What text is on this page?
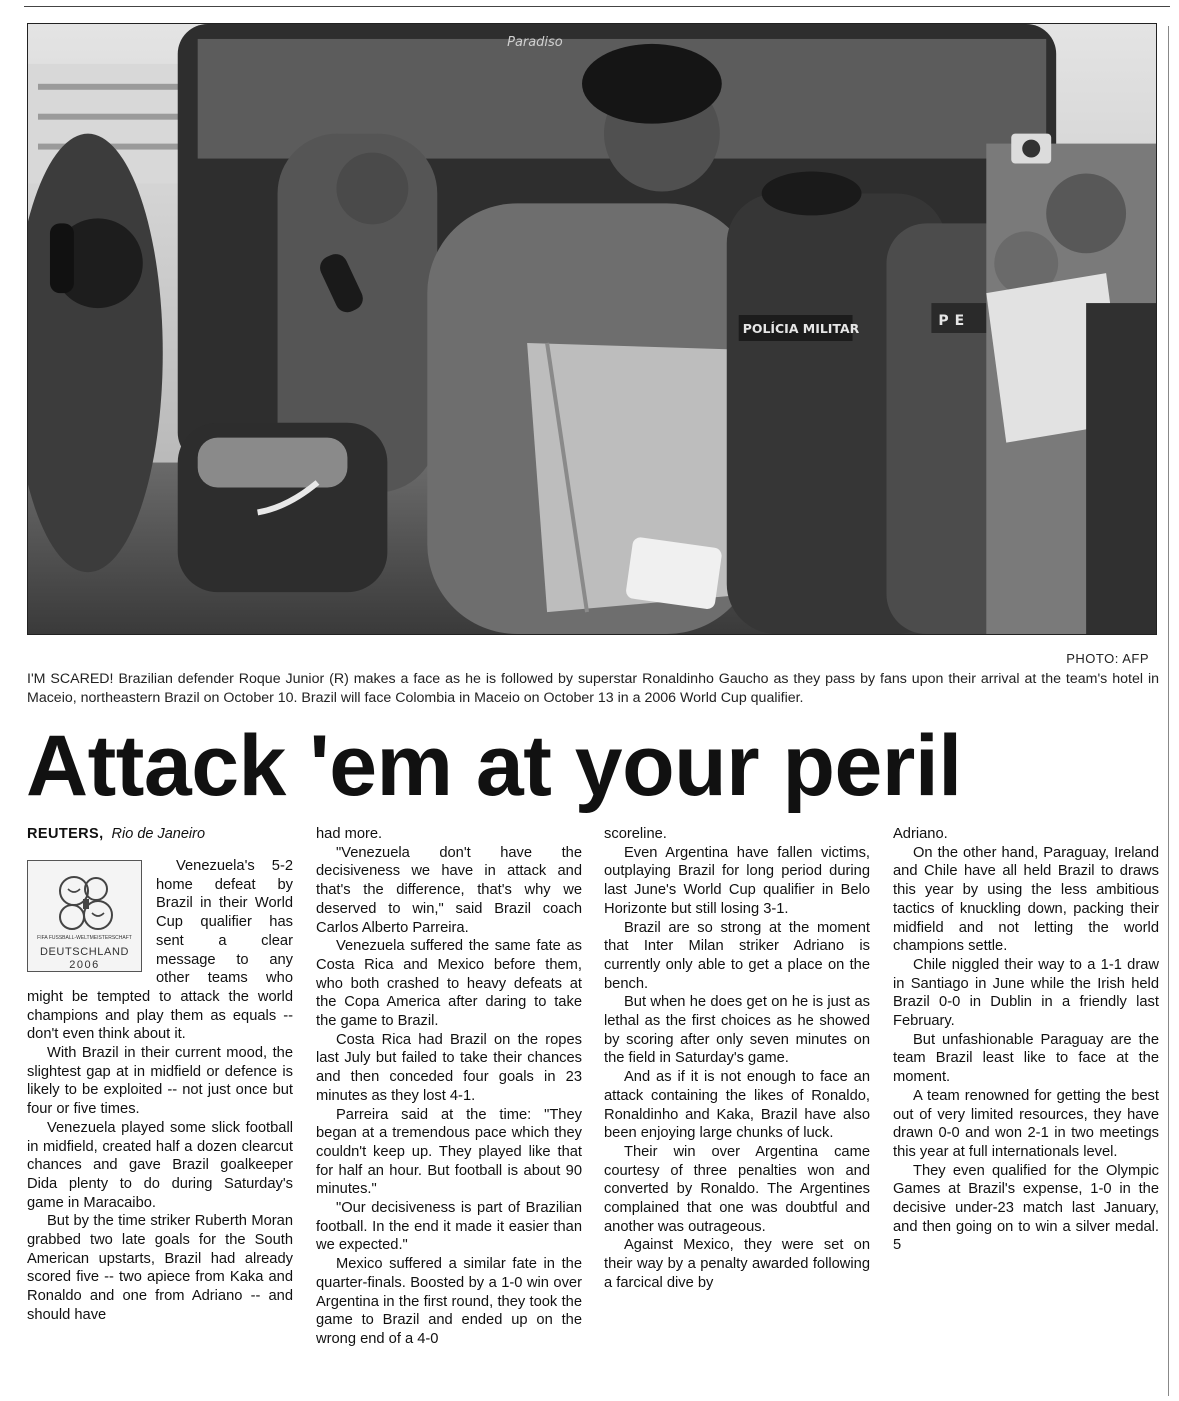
Paradiso
POLÍCIA MILITAR	PE
PHOTO: AFP
I'M SCARED! Brazilian defender Roque Junior (R) makes a face as he is followed by superstar Ronaldinho Gaucho as they pass by fans upon their arrival at the team's hotel in Maceio, northeastern Brazil on October 10. Brazil will face Colombia in Maceio on October 13 in a 2006 World Cup qualifier.
Attack 'em at your peril
REUTERS, Rio de Janeiro
FIFA FUSSBALL-WELTMEISTERSCHAFT
DEUTSCHLAND
2006

Venezuela's 5-2 home defeat by Brazil in their World Cup qualifier has sent a clear message to any other teams who might be tempted to attack the world champions and play them as equals -- don't even think about it.

With Brazil in their current mood, the slightest gap at in midfield or defence is likely to be exploited -- not just once but four or five times.

Venezuela played some slick football in midfield, created half a dozen clearcut chances and gave Brazil goalkeeper Dida plenty to do during Saturday's game in Maracaibo.

But by the time striker Ruberth Moran grabbed two late goals for the South American upstarts, Brazil had already scored five -- two apiece from Kaka and Ronaldo and one from Adriano -- and should have

had more.

"Venezuela don't have the decisiveness we have in attack and that's the difference, that's why we deserved to win," said Brazil coach Carlos Alberto Parreira.

Venezuela suffered the same fate as Costa Rica and Mexico before them, who both crashed to heavy defeats at the Copa America after daring to take the game to Brazil.

Costa Rica had Brazil on the ropes last July but failed to take their chances and then conceded four goals in 23 minutes as they lost 4-1.

Parreira said at the time: "They began at a tremendous pace which they couldn't keep up. They played like that for half an hour. But football is about 90 minutes."

"Our decisiveness is part of Brazilian football. In the end it made it easier than we expected."

Mexico suffered a similar fate in the quarter-finals. Boosted by a 1-0 win over Argentina in the first round, they took the game to Brazil and ended up on the wrong end of a 4-0

scoreline.

Even Argentina have fallen victims, outplaying Brazil for long period during last June's World Cup qualifier in Belo Horizonte but still losing 3-1.

Brazil are so strong at the moment that Inter Milan striker Adriano is currently only able to get a place on the bench.

But when he does get on he is just as lethal as the first choices as he showed by scoring after only seven minutes on the field in Saturday's game.

And as if it is not enough to face an attack containing the likes of Ronaldo, Ronaldinho and Kaka, Brazil have also been enjoying large chunks of luck.

Their win over Argentina came courtesy of three penalties won and converted by Ronaldo. The Argentines complained that one was doubtful and another was outrageous.

Against Mexico, they were set on their way by a penalty awarded following a farcical dive by

Adriano.

On the other hand, Paraguay, Ireland and Chile have all held Brazil to draws this year by using the less ambitious tactics of knuckling down, packing their midfield and not letting the world champions settle.

Chile niggled their way to a 1-1 draw in Santiago in June while the Irish held Brazil 0-0 in Dublin in a friendly last February.

But unfashionable Paraguay are the team Brazil least like to face at the moment.

A team renowned for getting the best out of very limited resources, they have drawn 0-0 and won 2-1 in two meetings this year at full internationals level.

They even qualified for the Olympic Games at Brazil's expense, 1-0 in the decisive under-23 match last January, and then going on to win a silver medal. 5
